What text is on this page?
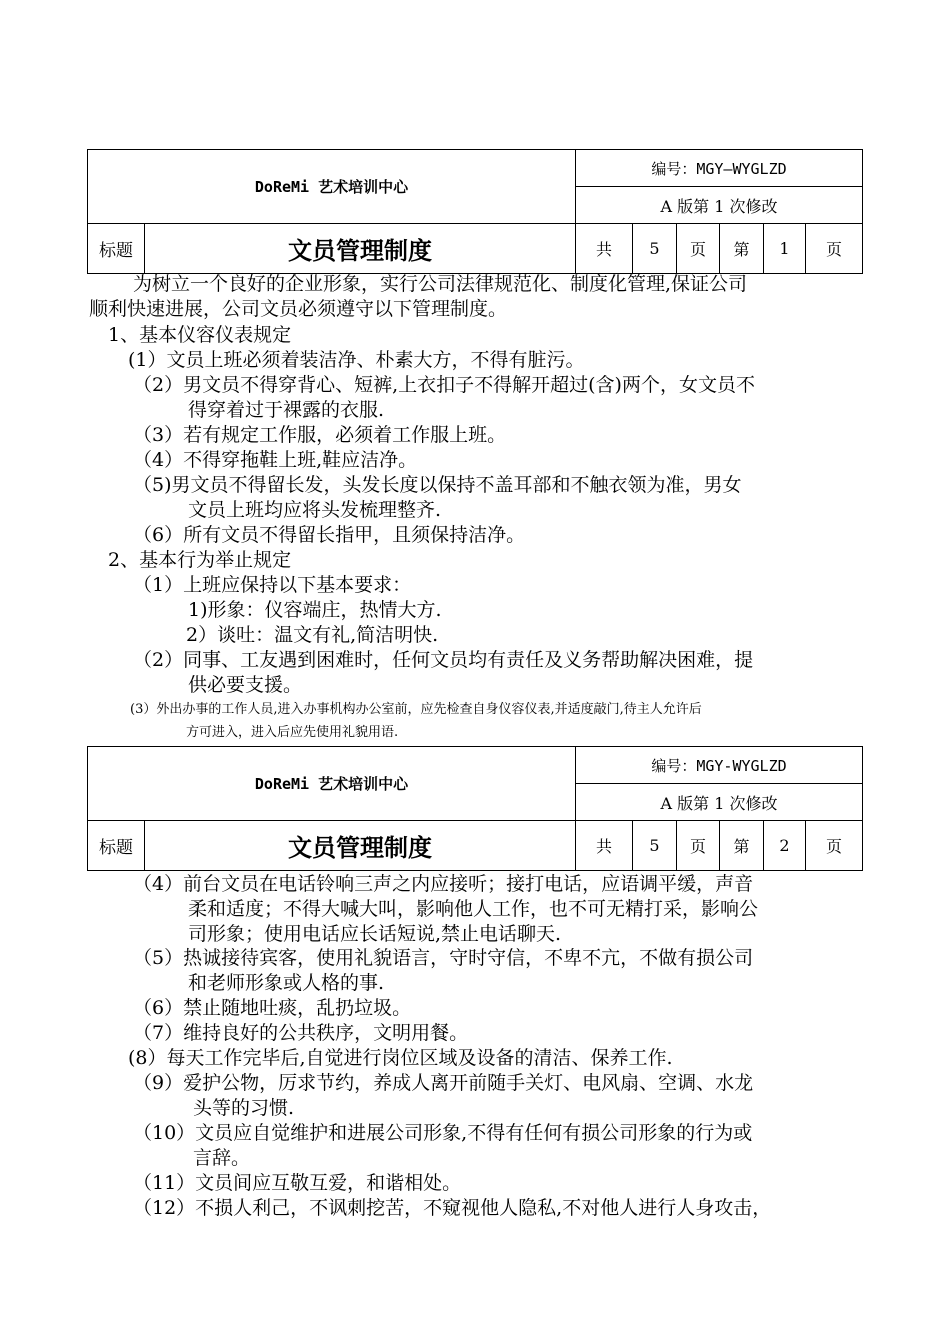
DoReMi 艺术培训中心		编号：MGY—WYGLZD					
		A 版第 1 次修改					
标题	文员管理制度	共	5	页	第	1	页
为树立一个良好的企业形象，实行公司法律规范化、制度化管理,保证公司
顺利快速进展，公司文员必须遵守以下管理制度。
1、基本仪容仪表规定
(1）文员上班必须着装洁净、朴素大方，不得有脏污。
（2）男文员不得穿背心、短裤,上衣扣子不得解开超过(含)两个，女文员不
得穿着过于裸露的衣服.
（3）若有规定工作服，必须着工作服上班。
（4）不得穿拖鞋上班,鞋应洁净。
（5)男文员不得留长发，头发长度以保持不盖耳部和不触衣领为准，男女
文员上班均应将头发梳理整齐.
（6）所有文员不得留长指甲，且须保持洁净。
2、基本行为举止规定
（1）上班应保持以下基本要求：
1)形象：仪容端庄，热情大方.
2）谈吐：温文有礼,简洁明快.
（2）同事、工友遇到困难时，任何文员均有责任及义务帮助解决困难，提
供必要支援。
(3）外出办事的工作人员,进入办事机构办公室前，应先检查自身仪容仪表,并适度敲门,待主人允许后
方可进入，进入后应先使用礼貌用语.
DoReMi 艺术培训中心		编号：MGY-WYGLZD					
		A 版第 1 次修改					
标题	文员管理制度	共	5	页	第	2	页
（4）前台文员在电话铃响三声之内应接听；接打电话，应语调平缓，声音
柔和适度；不得大喊大叫，影响他人工作，也不可无精打采，影响公
司形象；使用电话应长话短说,禁止电话聊天.
（5）热诚接待宾客，使用礼貌语言，守时守信，不卑不亢，不做有损公司
和老师形象或人格的事.
（6）禁止随地吐痰，乱扔垃圾。
（7）维持良好的公共秩序，文明用餐。
(8）每天工作完毕后,自觉进行岗位区域及设备的清洁、保养工作.
（9）爱护公物，厉求节约，养成人离开前随手关灯、电风扇、空调、水龙
头等的习惯.
（10）文员应自觉维护和进展公司形象,不得有任何有损公司形象的行为或
言辞。
（11）文员间应互敬互爱，和谐相处。
（12）不损人利己，不讽刺挖苦，不窥视他人隐私,不对他人进行人身攻击，
